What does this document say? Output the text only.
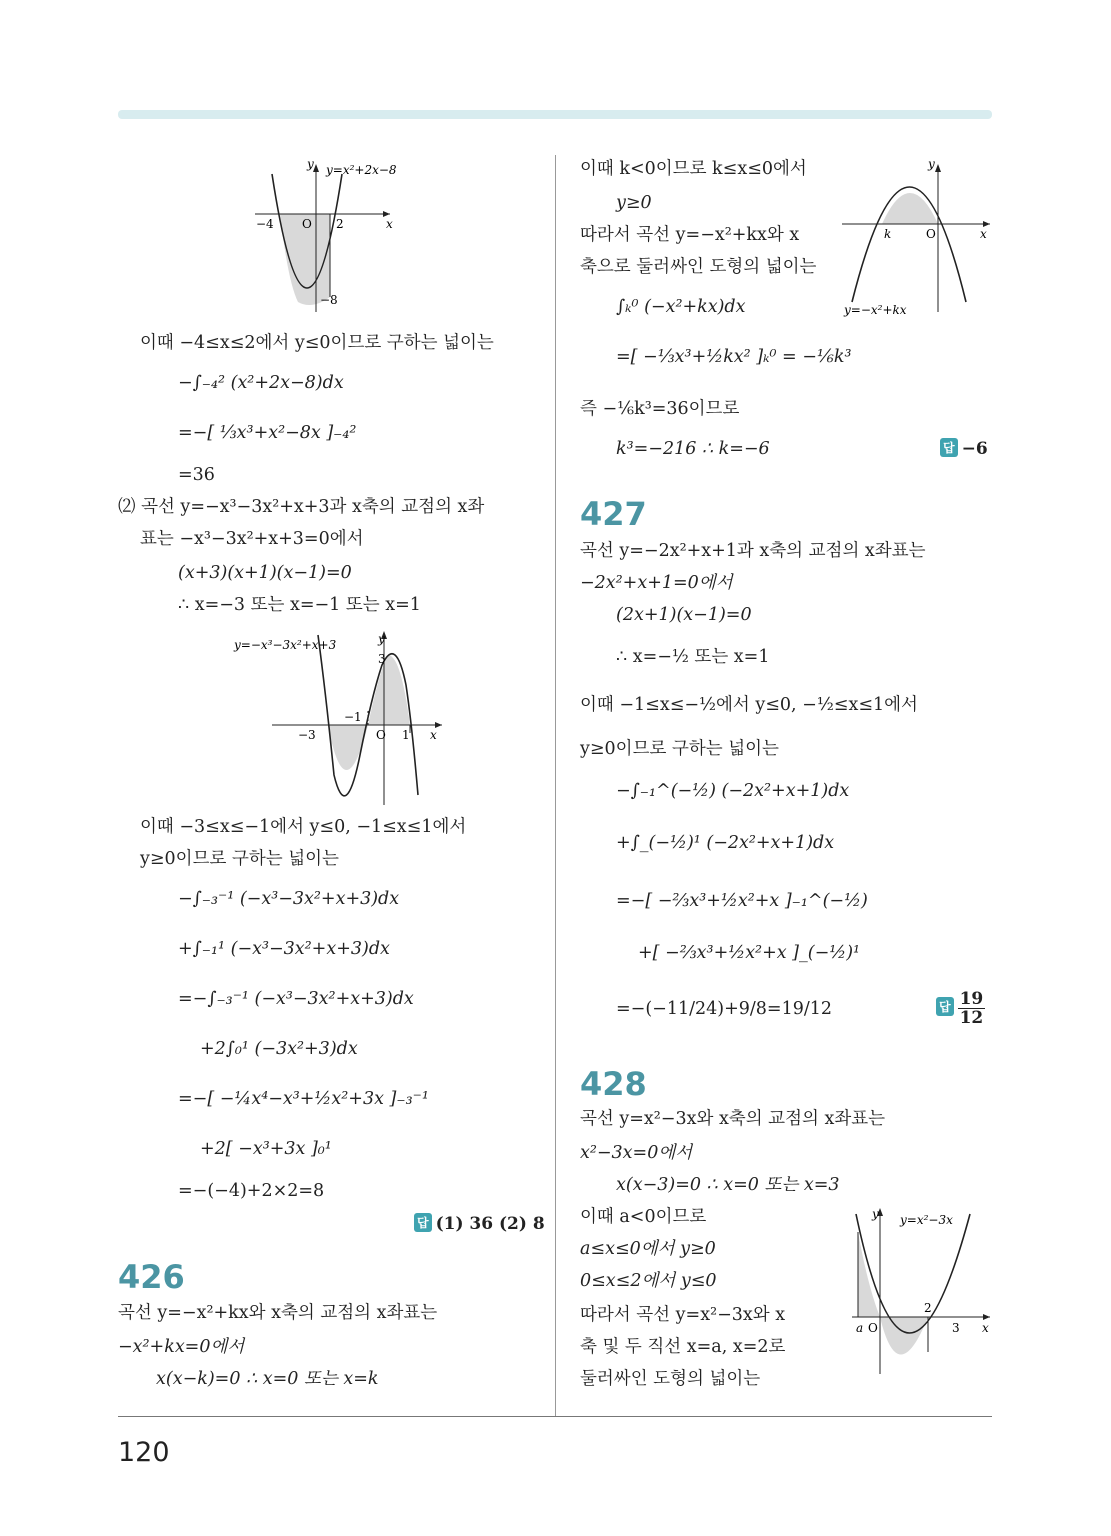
120
y y=x²+2x−8
x
−4 O 2
−8
이때 −4≤x≤2에서 y≤0이므로 구하는 넓이는
−∫₋₄² (x²+2x−8)dx
=−[ ⅓x³+x²−8x ]₋₄²
=36
⑵ 곡선 y=−x³−3x²+x+3과 x축의 교점의 x좌
표는 −x³−3x²+x+3=0에서
(x+3)(x+1)(x−1)=0
∴ x=−3 또는 x=−1 또는 x=1
y=−x³−3x²+x+3	y
3
−1
−3	O 1 x
이때 −3≤x≤−1에서 y≤0, −1≤x≤1에서
y≥0이므로 구하는 넓이는
−∫₋₃⁻¹ (−x³−3x²+x+3)dx
+∫₋₁¹ (−x³−3x²+x+3)dx
=−∫₋₃⁻¹ (−x³−3x²+x+3)dx
+2∫₀¹ (−3x²+3)dx
=−[ −¼x⁴−x³+½x²+3x ]₋₃⁻¹
+2[ −x³+3x ]₀¹
=−(−4)+2×2=8
답 (1) 36 (2) 8
426
곡선 y=−x²+kx와 x축의 교점의 x좌표는
−x²+kx=0에서
x(x−k)=0 ∴ x=0 또는 x=k
이때 k<0이므로 k≤x≤0에서
y≥0
따라서 곡선 y=−x²+kx와 x
축으로 둘러싸인 도형의 넓이는
∫ₖ⁰ (−x²+kx)dx
=[ −⅓x³+½kx² ]ₖ⁰ = −⅙k³
즉 −⅙k³=36이므로
k³=−216 ∴ k=−6	답 −6
y
k	O	x
y=−x²+kx
427
곡선 y=−2x²+x+1과 x축의 교점의 x좌표는
−2x²+x+1=0에서
(2x+1)(x−1)=0
∴ x=−½ 또는 x=1
이때 −1≤x≤−½에서 y≤0, −½≤x≤1에서
y≥0이므로 구하는 넓이는
−∫₋₁^(−½) (−2x²+x+1)dx
+∫_(−½)¹ (−2x²+x+1)dx
=−[ −⅔x³+½x²+x ]₋₁^(−½)
+[ −⅔x³+½x²+x ]_(−½)¹
=−(−11/24)+9/8=19/12	답 $\frac{19}{12}$
428
곡선 y=x²−3x와 x축의 교점의 x좌표는
x²−3x=0에서
x(x−3)=0 ∴ x=0 또는 x=3
이때 a<0이므로
a≤x≤0에서 y≥0
0≤x≤2에서 y≤0
따라서 곡선 y=x²−3x와 x
축 및 두 직선 x=a, x=2로
둘러싸인 도형의 넓이는
y y=x²−3x
2
a O	3 x
